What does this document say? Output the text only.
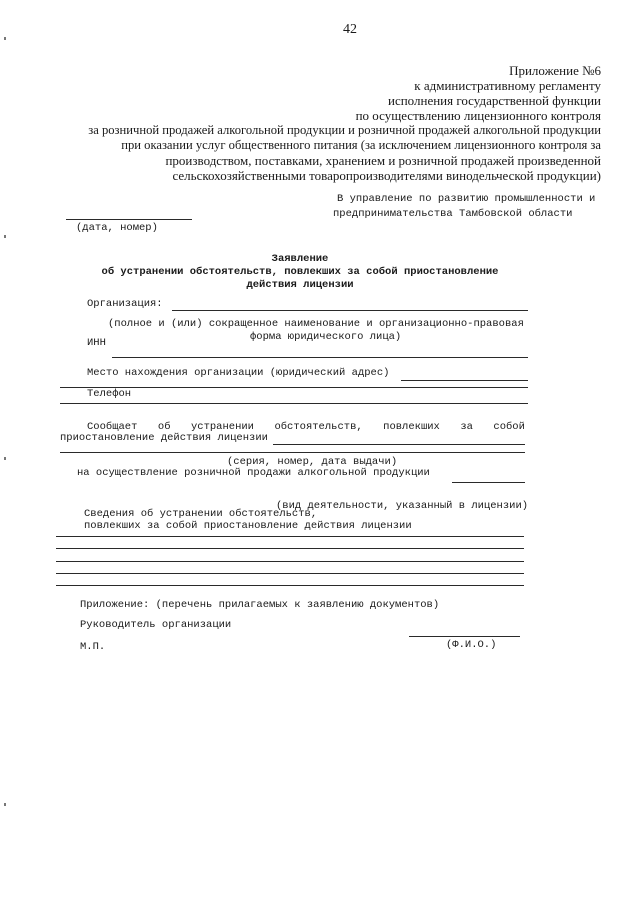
42
Приложение №6
к административному регламенту
исполнения государственной функции
по осуществлению лицензионного контроля
за розничной продажей алкогольной продукции и розничной продажей алкогольной продукции
при оказании услуг общественного питания (за исключением лицензионного контроля за
производством, поставками, хранением и розничной продажей произведенной
сельскохозяйственными товаропроизводителями винодельческой продукции)
В управление по развитию промышленности и
предпринимательства Тамбовской области
(дата, номер)
Заявление
об устранении обстоятельств, повлекших за собой приостановление
действия лицензии
Организация:
(полное и (или) сокращенное наименование и организационно-правовая
форма юридического лица)
ИНН
Место нахождения организации (юридический адрес)
Телефон
Сообщает об устранении обстоятельств, повлекших за собой
приостановление действия лицензии
(серия, номер, дата выдачи)
на осуществление розничной продажи алкогольной продукции
(вид деятельности, указанный в лицензии)
Сведения об устранении обстоятельств,
повлекших за собой приостановление действия лицензии
Приложение: (перечень прилагаемых к заявлению документов)
Руководитель организации
(Ф.И.О.)
М.П.
